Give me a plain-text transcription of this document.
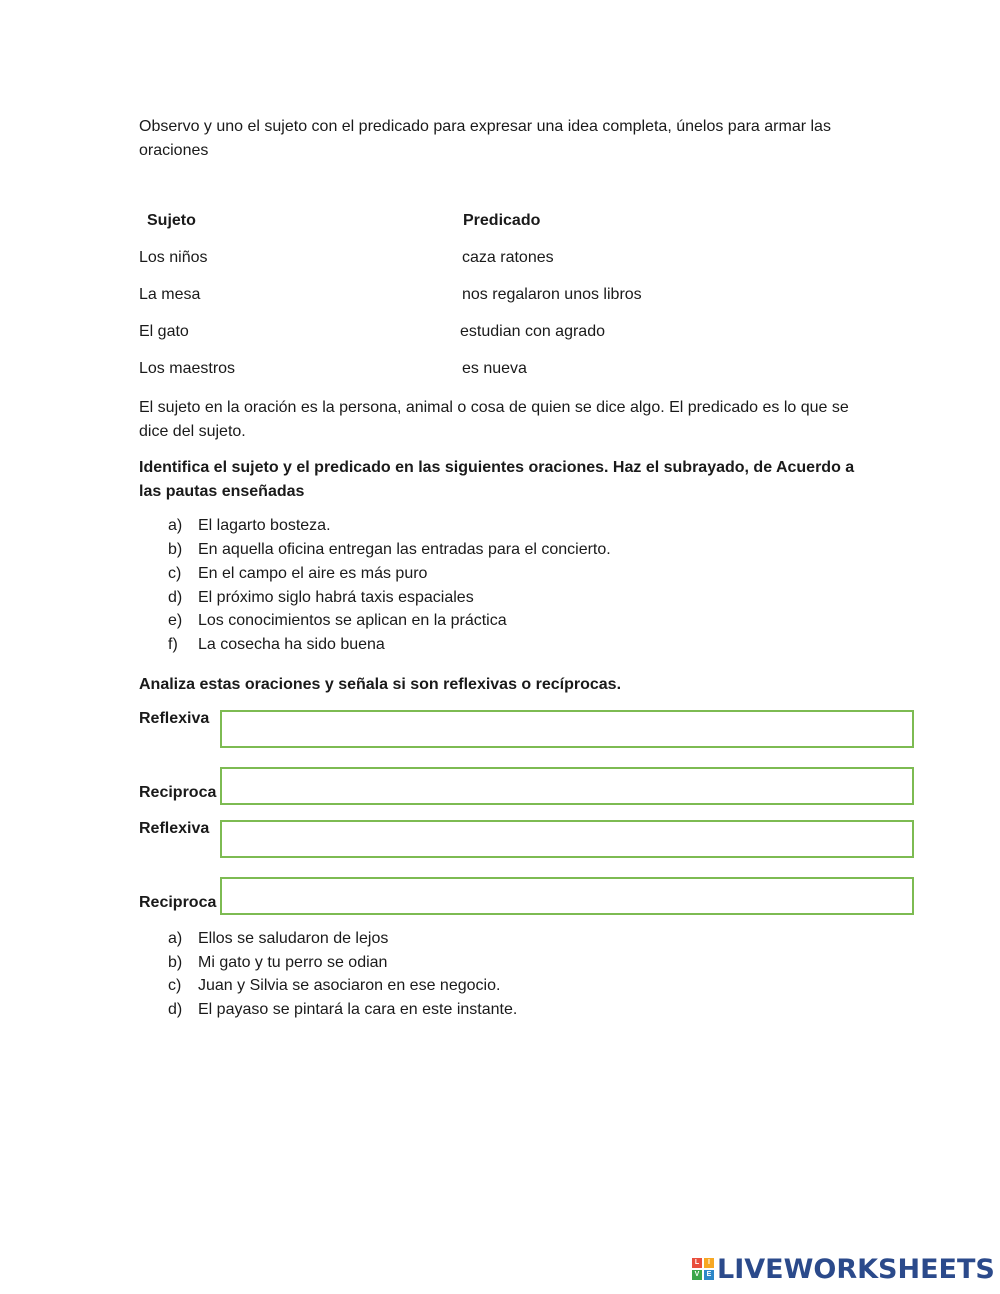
Observo y uno el sujeto con el predicado para expresar una idea completa, únelos para armar las oraciones
Sujeto	Predicado
Los niños	caza ratones
La mesa	nos regalaron unos libros
El gato	estudian con agrado
Los maestros	es nueva
El sujeto en la oración es la persona, animal o cosa de quien se dice algo. El predicado es lo que se dice del sujeto.
Identifica el sujeto y el predicado en las siguientes oraciones. Haz el subrayado, de Acuerdo a las pautas enseñadas
a) El lagarto bosteza.
b) En aquella oficina entregan las entradas para el concierto.
c) En el campo el aire es más puro
d) El próximo siglo habrá taxis espaciales
e) Los conocimientos se aplican en la práctica
f) La cosecha ha sido buena
Analiza estas oraciones y señala si son reflexivas o recíprocas.
Reflexiva
Reciproca
Reflexiva
Reciproca
a) Ellos se saludaron de lejos
b) Mi gato y tu perro se odian
c) Juan y Silvia se asociaron en ese negocio.
d) El payaso se pintará la cara en este instante.
L	I
V	E LIVEWORKSHEETS
